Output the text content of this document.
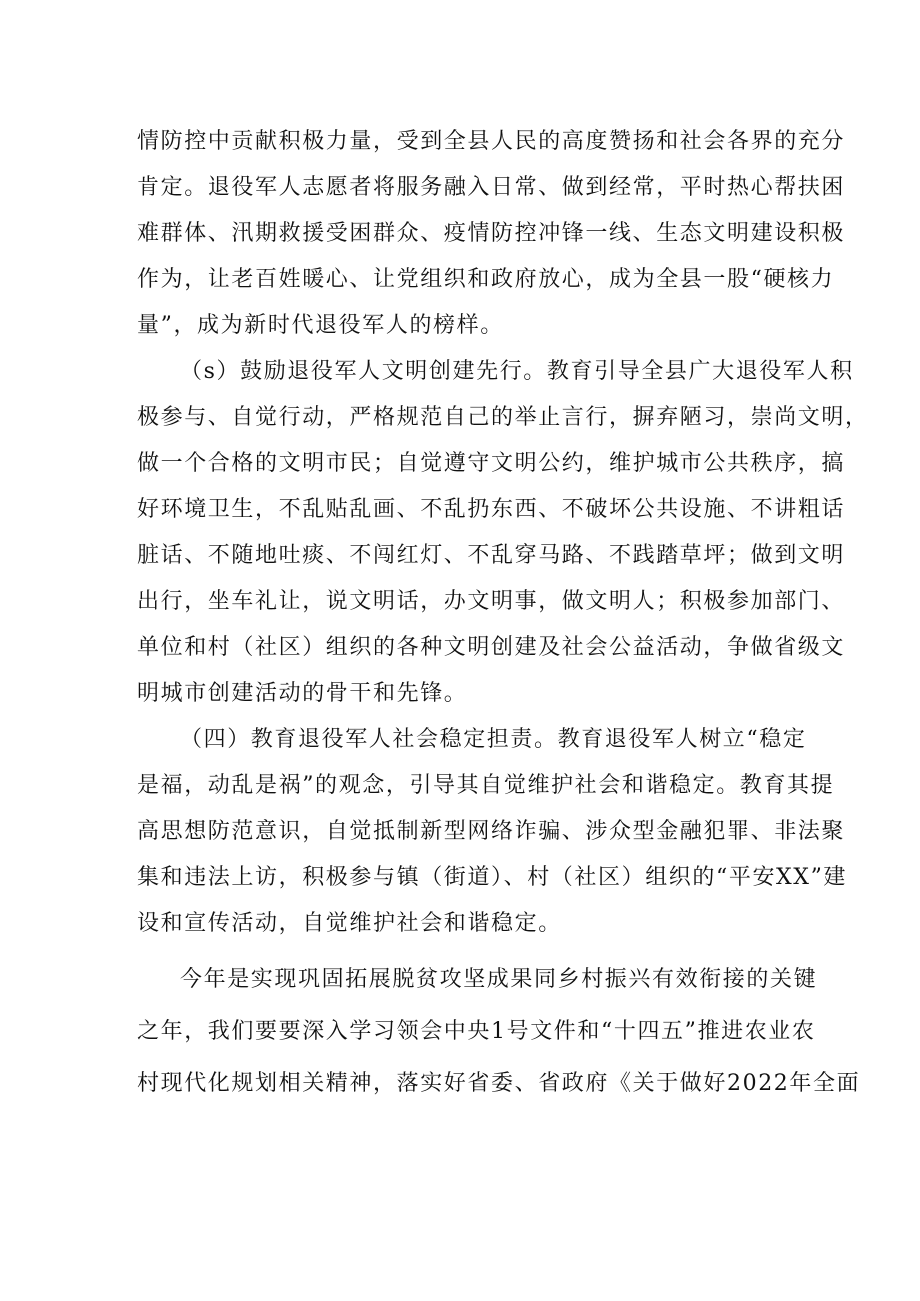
情防控中贡献积极力量，受到全县人民的高度赞扬和社会各界的充分
肯定。退役军人志愿者将服务融入日常、做到经常，平时热心帮扶困
难群体、汛期救援受困群众、疫情防控冲锋一线、生态文明建设积极
作为，让老百姓暖心、让党组织和政府放心，成为全县一股“硬核力
量”，成为新时代退役军人的榜样。
（s）鼓励退役军人文明创建先行。教育引导全县广大退役军人积
极参与、自觉行动，严格规范自己的举止言行，摒弃陋习，崇尚文明，
做一个合格的文明市民；自觉遵守文明公约，维护城市公共秩序，搞
好环境卫生，不乱贴乱画、不乱扔东西、不破坏公共设施、不讲粗话
脏话、不随地吐痰、不闯红灯、不乱穿马路、不践踏草坪；做到文明
出行，坐车礼让，说文明话，办文明事，做文明人；积极参加部门、
单位和村（社区）组织的各种文明创建及社会公益活动，争做省级文
明城市创建活动的骨干和先锋。
（四）教育退役军人社会稳定担责。教育退役军人树立“稳定
是福，动乱是祸”的观念，引导其自觉维护社会和谐稳定。教育其提
高思想防范意识，自觉抵制新型网络诈骗、涉众型金融犯罪、非法聚
集和违法上访，积极参与镇（街道）、村（社区）组织的“平安XX”建
设和宣传活动，自觉维护社会和谐稳定。
今年是实现巩固拓展脱贫攻坚成果同乡村振兴有效衔接的关键
之年，我们要要深入学习领会中央1号文件和“十四五”推进农业农
村现代化规划相关精神，落实好省委、省政府《关于做好2022年全面
